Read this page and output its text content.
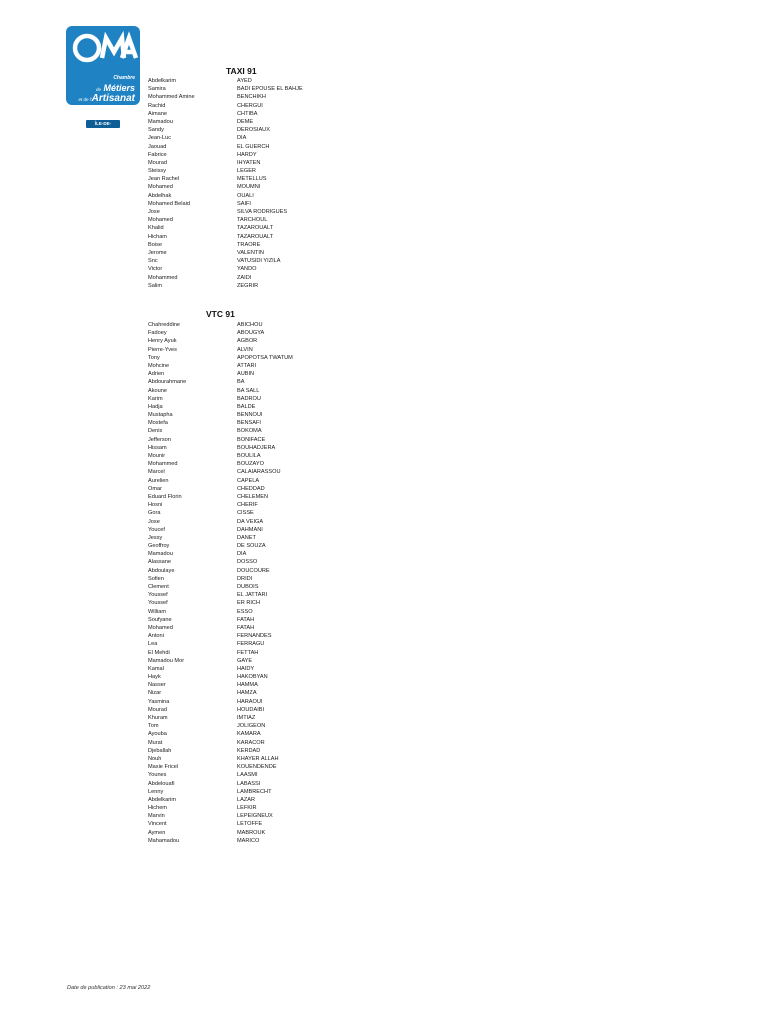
Chambre
de Métiers
et de l'Artisanat
ÎLE-DE-FRANCE
TAXI 91
Abdelkarim	AYED
Samira	BADI EPOUSE EL BAHJE
Mohammed Amine	BENCHIKH
Rachid	CHERGUI
Aimane	CHTIBA
Mamadou	DEME
Sandy	DEROSIAUX
Jean-Luc	DIA
Jaouad	EL GUERCH
Fabrice	HARDY
Mourad	IHYATEN
Steissy	LEGER
Jean Rachel	METELLUS
Mohamed	MOUMNI
Abdelhak	OUALI
Mohamed Belaid	SAIFI
Jose	SILVA RODRIGUES
Mohamed	TARCHOUL
Khalid	TAZAROUALT
Hicham	TAZAROUALT
Boise	TRAORE
Jerome	VALENTIN
Snc	VATUSIDI YIZILA
Victor	YANDO
Mohammed	ZAIDI
Salim	ZEGRIR
VTC 91
Chahreddine	ABICHOU
Fadoey	ABOUGYA
Henry Ayuk	AGBOR
Pierre-Yves	ALVIN
Tony	APOPOTSA TWATUM
Mohcine	ATTARI
Adrien	AUBIN
Abdourahmane	BA
Akoune	BA SALL
Karim	BADROU
Hadja	BALDE
Mustapha	BENNOUI
Mostefa	BENSAFI
Denis	BOKOMA
Jefferson	BONIFACE
Hissam	BOUHADJERA
Mounir	BOULILA
Mohammed	BOUZAYO
Marcel	CALAIARASSOU
Aurelien	CAPELA
Omar	CHEDDAD
Eduard Florin	CHELEMEN
Hosni	CHERIF
Gora	CISSE
Jose	DA VEIGA
Youcef	DAHMANI
Jessy	DANET
Geoffroy	DE SOUZA
Mamadou	DIA
Alassane	DOSSO
Abdoulaye	DOUCOURE
Sofien	DRIDI
Clement	DUBOIS
Youssef	EL JATTARI
Youssef	ER RICH
William	ESSO
Soufyane	FATAH
Mohamed	FATAH
Antoni	FERNANDES
Lea	FERRAGU
El Mehdi	FETTAH
Mamadou Mor	GAYE
Kamal	HAIDY
Hayk	HAKOBYAN
Nasser	HAMMA
Nizar	HAMZA
Yasmina	HARAOUI
Mourad	HOUDAIBI
Khuram	IMTIAZ
Tom	JOLIGEON
Ayouba	KAMARA
Murat	KARACOR
Djeballah	KERDAD
Nouh	KHAYER ALLAH
Maxie Fricel	KOUENDENDE
Younes	LAASMI
Abdelouafi	LABASSI
Lenny	LAMBRECHT
Abdelkarim	LAZAR
Hichem	LEFKIR
Marvin	LEPEIGNEUX
Vincent	LETOFFE
Aymen	MABROUK
Mahamadou	MARICO
Date de publication : 23 mai 2022
